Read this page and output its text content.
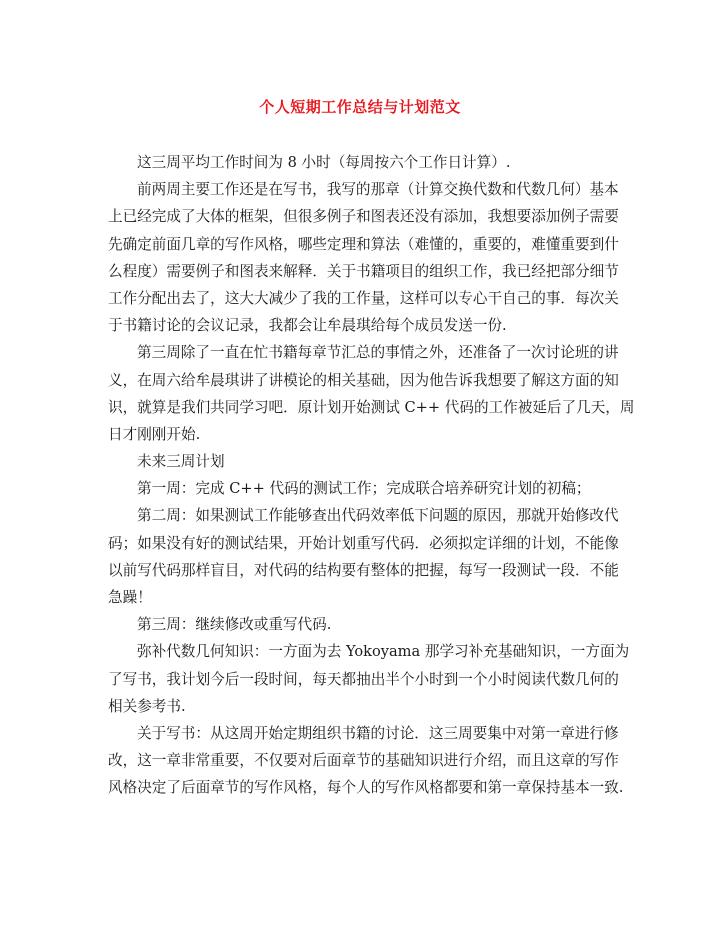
个人短期工作总结与计划范文
这三周平均工作时间为 8 小时（每周按六个工作日计算）.
前两周主要工作还是在写书，我写的那章（计算交换代数和代数几何）基本
上已经完成了大体的框架，但很多例子和图表还没有添加，我想要添加例子需要
先确定前面几章的写作风格，哪些定理和算法（难懂的，重要的，难懂重要到什
么程度）需要例子和图表来解释．关于书籍项目的组织工作，我已经把部分细节
工作分配出去了，这大大减少了我的工作量，这样可以专心干自己的事．每次关
于书籍讨论的会议记录，我都会让牟晨琪给每个成员发送一份.
第三周除了一直在忙书籍每章节汇总的事情之外，还准备了一次讨论班的讲
义，在周六给牟晨琪讲了讲模论的相关基础，因为他告诉我想要了解这方面的知
识，就算是我们共同学习吧．原计划开始测试 C++ 代码的工作被延后了几天，周
日才刚刚开始.
未来三周计划
第一周：完成 C++ 代码的测试工作；完成联合培养研究计划的初稿；
第二周：如果测试工作能够查出代码效率低下问题的原因，那就开始修改代
码；如果没有好的测试结果，开始计划重写代码．必须拟定详细的计划，不能像
以前写代码那样盲目，对代码的结构要有整体的把握，每写一段测试一段．不能
急躁！
第三周：继续修改或重写代码.
弥补代数几何知识：一方面为去 Yokoyama 那学习补充基础知识，一方面为
了写书，我计划今后一段时间，每天都抽出半个小时到一个小时阅读代数几何的
相关参考书.
关于写书：从这周开始定期组织书籍的讨论．这三周要集中对第一章进行修
改，这一章非常重要，不仅要对后面章节的基础知识进行介绍，而且这章的写作
风格决定了后面章节的写作风格，每个人的写作风格都要和第一章保持基本一致.
